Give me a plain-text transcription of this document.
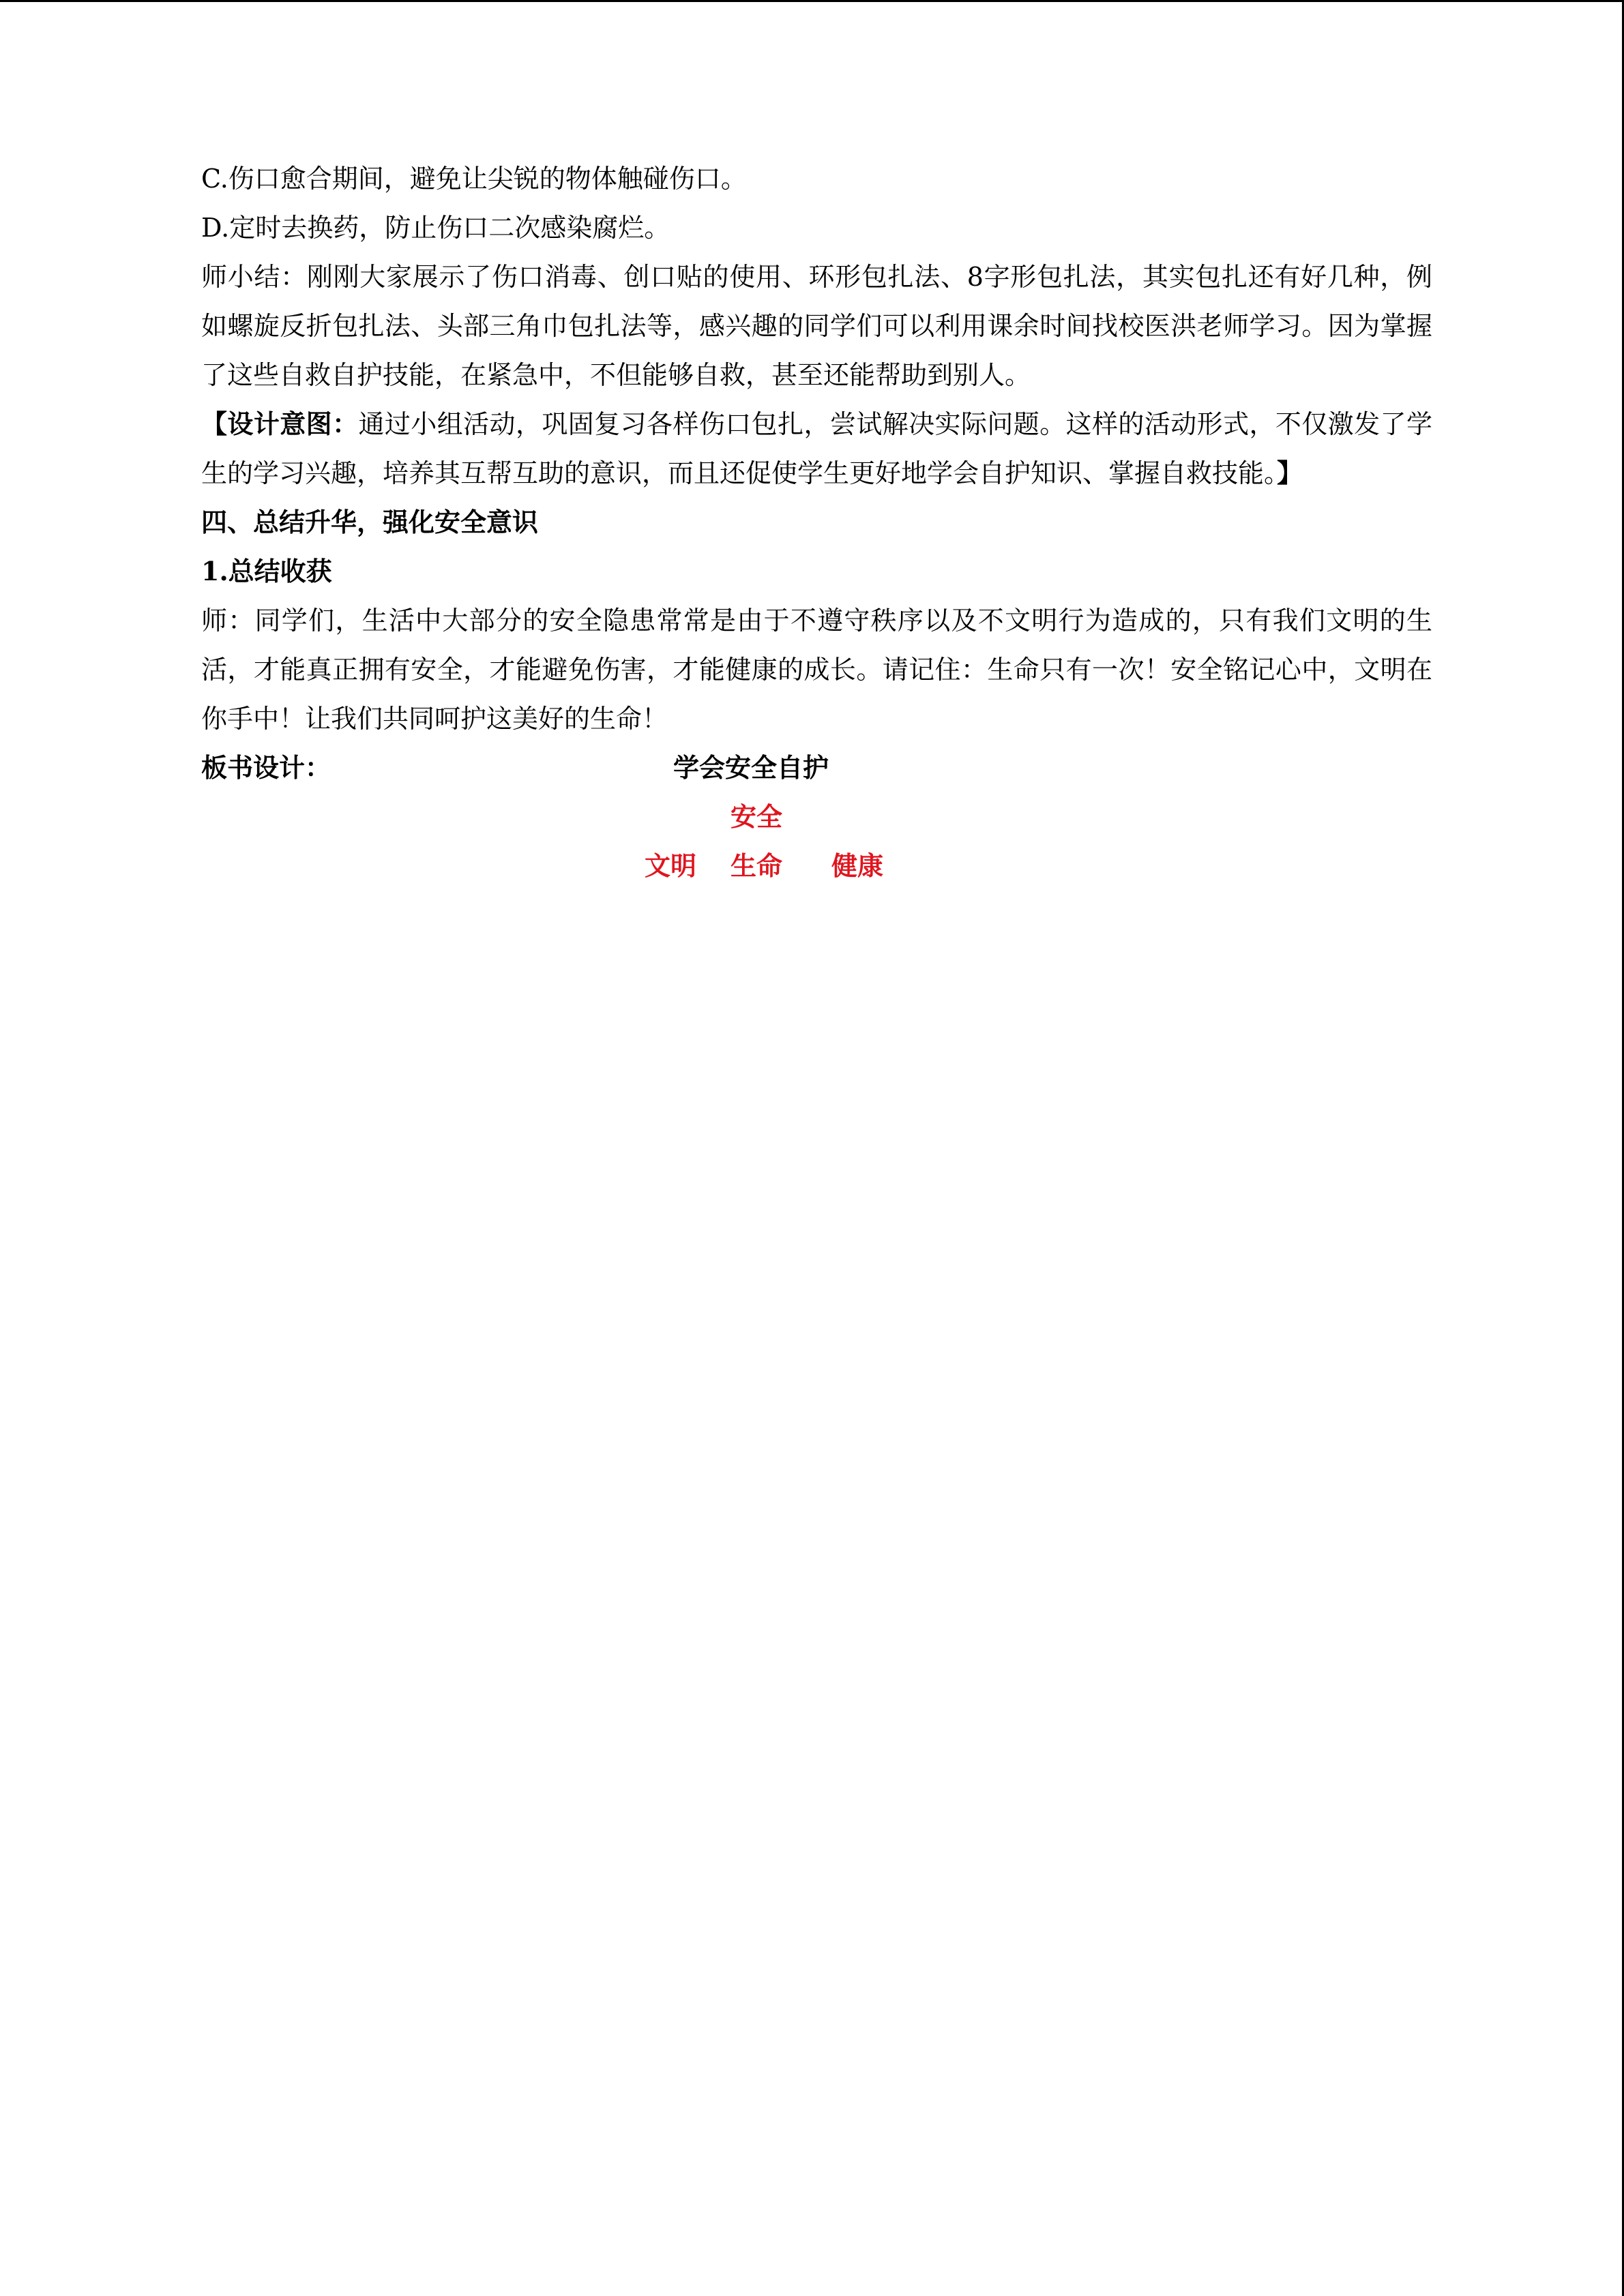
C.伤口愈合期间，避免让尖锐的物体触碰伤口。

D.定时去换药，防止伤口二次感染腐烂。

师小结：刚刚大家展示了伤口消毒、创口贴的使用、环形包扎法、8字形包扎法，其实包扎还有好几种，例如螺旋反折包扎法、头部三角巾包扎法等，感兴趣的同学们可以利用课余时间找校医洪老师学习。因为掌握了这些自救自护技能，在紧急中，不但能够自救，甚至还能帮助到别人。

【设计意图：通过小组活动，巩固复习各样伤口包扎，尝试解决实际问题。这样的活动形式，不仅激发了学生的学习兴趣，培养其互帮互助的意识，而且还促使学生更好地学会自护知识、掌握自救技能。】

四、总结升华，强化安全意识

1.总结收获

师：同学们，生活中大部分的安全隐患常常是由于不遵守秩序以及不文明行为造成的，只有我们文明的生活，才能真正拥有安全，才能避免伤害，才能健康的成长。请记住：生命只有一次！安全铭记心中，文明在你手中！让我们共同呵护这美好的生命！

板书设计：	学会安全自护
安全
文明 生命 健康
